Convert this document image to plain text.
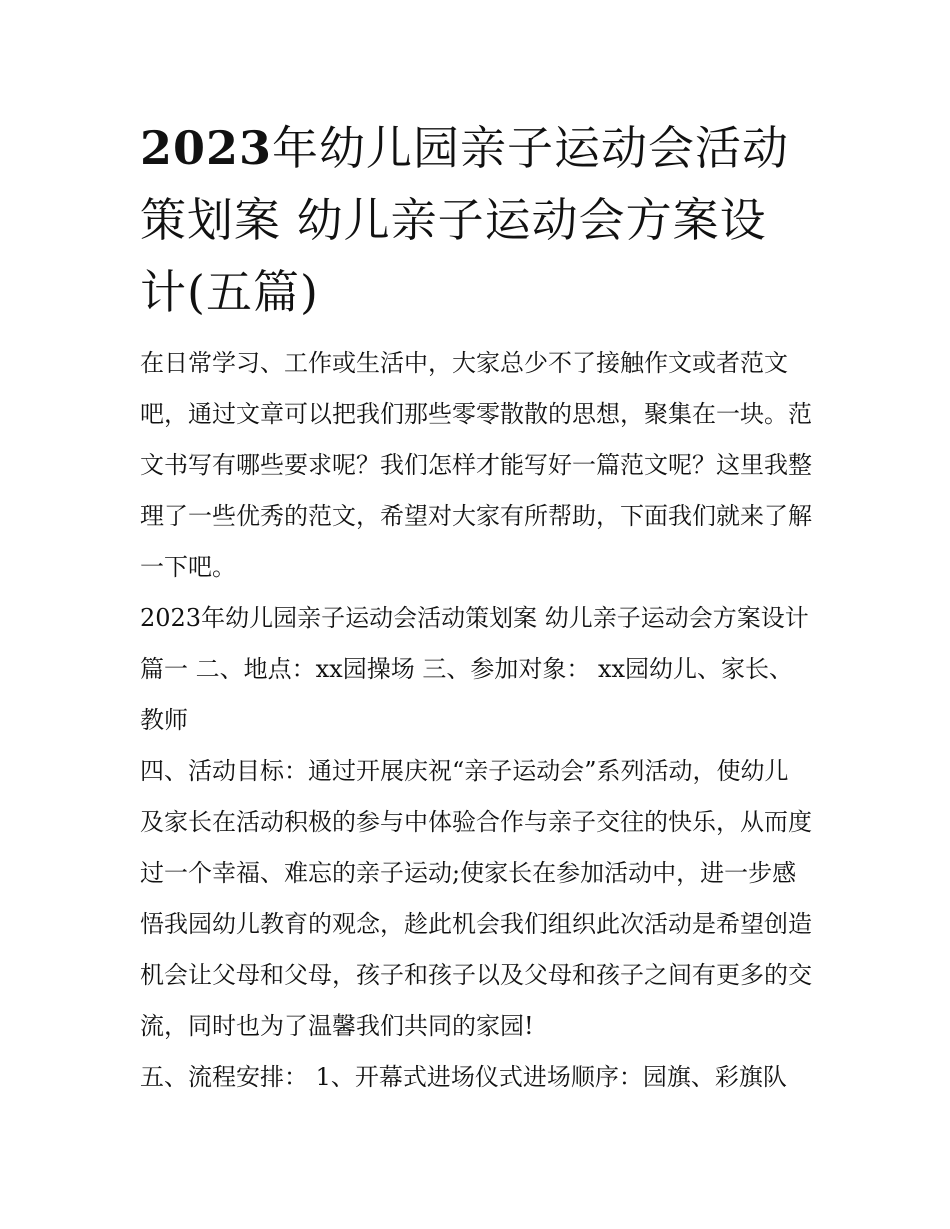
2023年幼儿园亲子运动会活动策划案 幼儿亲子运动会方案设计(五篇)

在日常学习、工作或生活中，大家总少不了接触作文或者范文吧，通过文章可以把我们那些零零散散的思想，聚集在一块。范文书写有哪些要求呢？我们怎样才能写好一篇范文呢？这里我整理了一些优秀的范文，希望对大家有所帮助，下面我们就来了解一下吧。

2023年幼儿园亲子运动会活动策划案 幼儿亲子运动会方案设计篇一 二、地点：xx园操场 三、参加对象： xx园幼儿、家长、教师

四、活动目标：通过开展庆祝“亲子运动会”系列活动，使幼儿及家长在活动积极的参与中体验合作与亲子交往的快乐，从而度过一个幸福、难忘的亲子运动;使家长在参加活动中，进一步感悟我园幼儿教育的观念，趁此机会我们组织此次活动是希望创造机会让父母和父母，孩子和孩子以及父母和孩子之间有更多的交流，同时也为了温馨我们共同的家园!

五、流程安排： 1、开幕式进场仪式进场顺序：园旗、彩旗队
